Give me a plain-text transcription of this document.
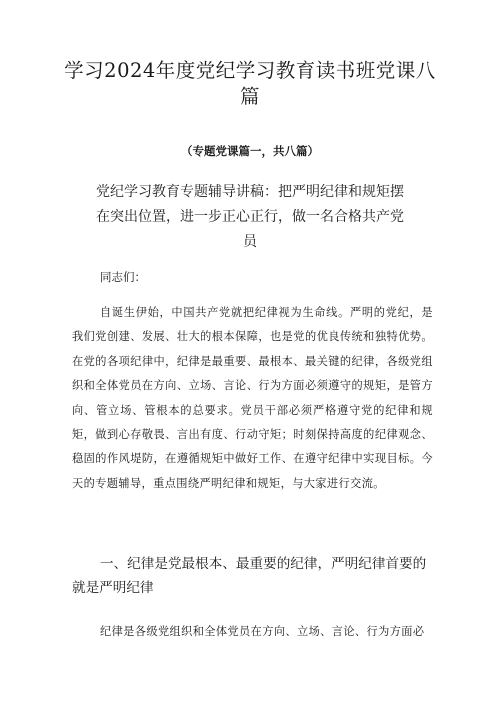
学习2024年度党纪学习教育读书班党课八篇

（专题党课篇一，共八篇）

党纪学习教育专题辅导讲稿：把严明纪律和规矩摆在突出位置，进一步正心正行，做一名合格共产党员

同志们：

自诞生伊始，中国共产党就把纪律视为生命线。严明的党纪，是我们党创建、发展、壮大的根本保障，也是党的优良传统和独特优势。在党的各项纪律中，纪律是最重要、最根本、最关键的纪律，各级党组织和全体党员在方向、立场、言论、行为方面必须遵守的规矩，是管方向、管立场、管根本的总要求。党员干部必须严格遵守党的纪律和规矩，做到心存敬畏、言出有度、行动守矩；时刻保持高度的纪律观念、稳固的作风堤防，在遵循规矩中做好工作、在遵守纪律中实现目标。今天的专题辅导，重点围绕严明纪律和规矩，与大家进行交流。

一、纪律是党最根本、最重要的纪律，严明纪律首要的就是严明纪律

纪律是各级党组织和全体党员在方向、立场、言论、行为方面必
